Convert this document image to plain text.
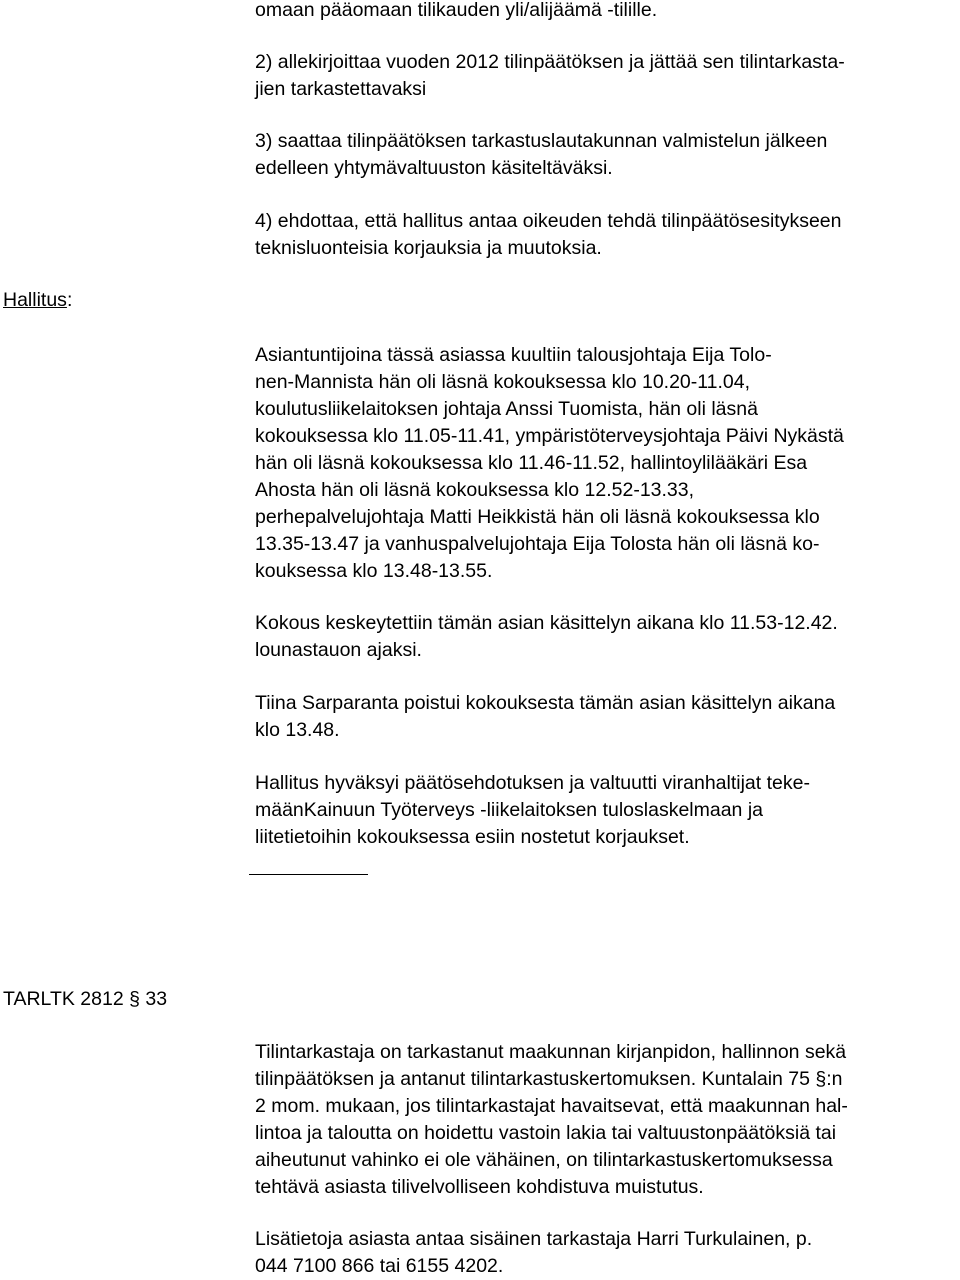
omaan pääomaan tilikauden yli/alijäämä -tilille.
2) allekirjoittaa vuoden 2012 tilinpäätöksen ja jättää sen tilintarkasta-
jien tarkastettavaksi
3) saattaa tilinpäätöksen tarkastuslautakunnan valmistelun jälkeen
edelleen yhtymävaltuuston käsiteltäväksi.
4) ehdottaa, että hallitus antaa oikeuden tehdä tilinpäätösesitykseen
teknisluonteisia korjauksia ja muutoksia.
Hallitus:
Asiantuntijoina tässä asiassa kuultiin talousjohtaja Eija Tolo-
nen-Mannista hän oli läsnä kokouksessa klo 10.20-11.04,
koulutusliikelaitoksen johtaja Anssi Tuomista, hän oli läsnä
kokouksessa klo 11.05-11.41, ympäristöterveysjohtaja Päivi Nykästä
hän oli läsnä kokouksessa klo 11.46-11.52, hallintoylilääkäri Esa
Ahosta hän oli läsnä kokouksessa klo 12.52-13.33,
perhepalvelujohtaja Matti Heikkistä hän oli läsnä kokouksessa klo
13.35-13.47 ja vanhuspalvelujohtaja Eija Tolosta hän oli läsnä ko-
kouksessa klo 13.48-13.55.
Kokous keskeytettiin tämän asian käsittelyn aikana klo 11.53-12.42.
lounastauon ajaksi.
Tiina Sarparanta poistui kokouksesta tämän asian käsittelyn aikana
klo 13.48.
Hallitus hyväksyi päätösehdotuksen ja valtuutti viranhaltijat teke-
määnKainuun Työterveys -liikelaitoksen tuloslaskelmaan ja
liitetietoihin kokouksessa esiin nostetut korjaukset.
TARLTK 2812 § 33
Tilintarkastaja on tarkastanut maakunnan kirjanpidon, hallinnon sekä
tilinpäätöksen ja antanut tilintarkastuskertomuksen. Kuntalain 75 §:n
2 mom. mukaan, jos tilintarkastajat havaitsevat, että maakunnan hal-
lintoa ja taloutta on hoidettu vastoin lakia tai valtuustonpäätöksiä tai
aiheutunut vahinko ei ole vähäinen, on tilintarkastuskertomuksessa
tehtävä asiasta tilivelvolliseen kohdistuva muistutus.
Lisätietoja asiasta antaa sisäinen tarkastaja Harri Turkulainen, p.
044 7100 866 tai 6155 4202.
